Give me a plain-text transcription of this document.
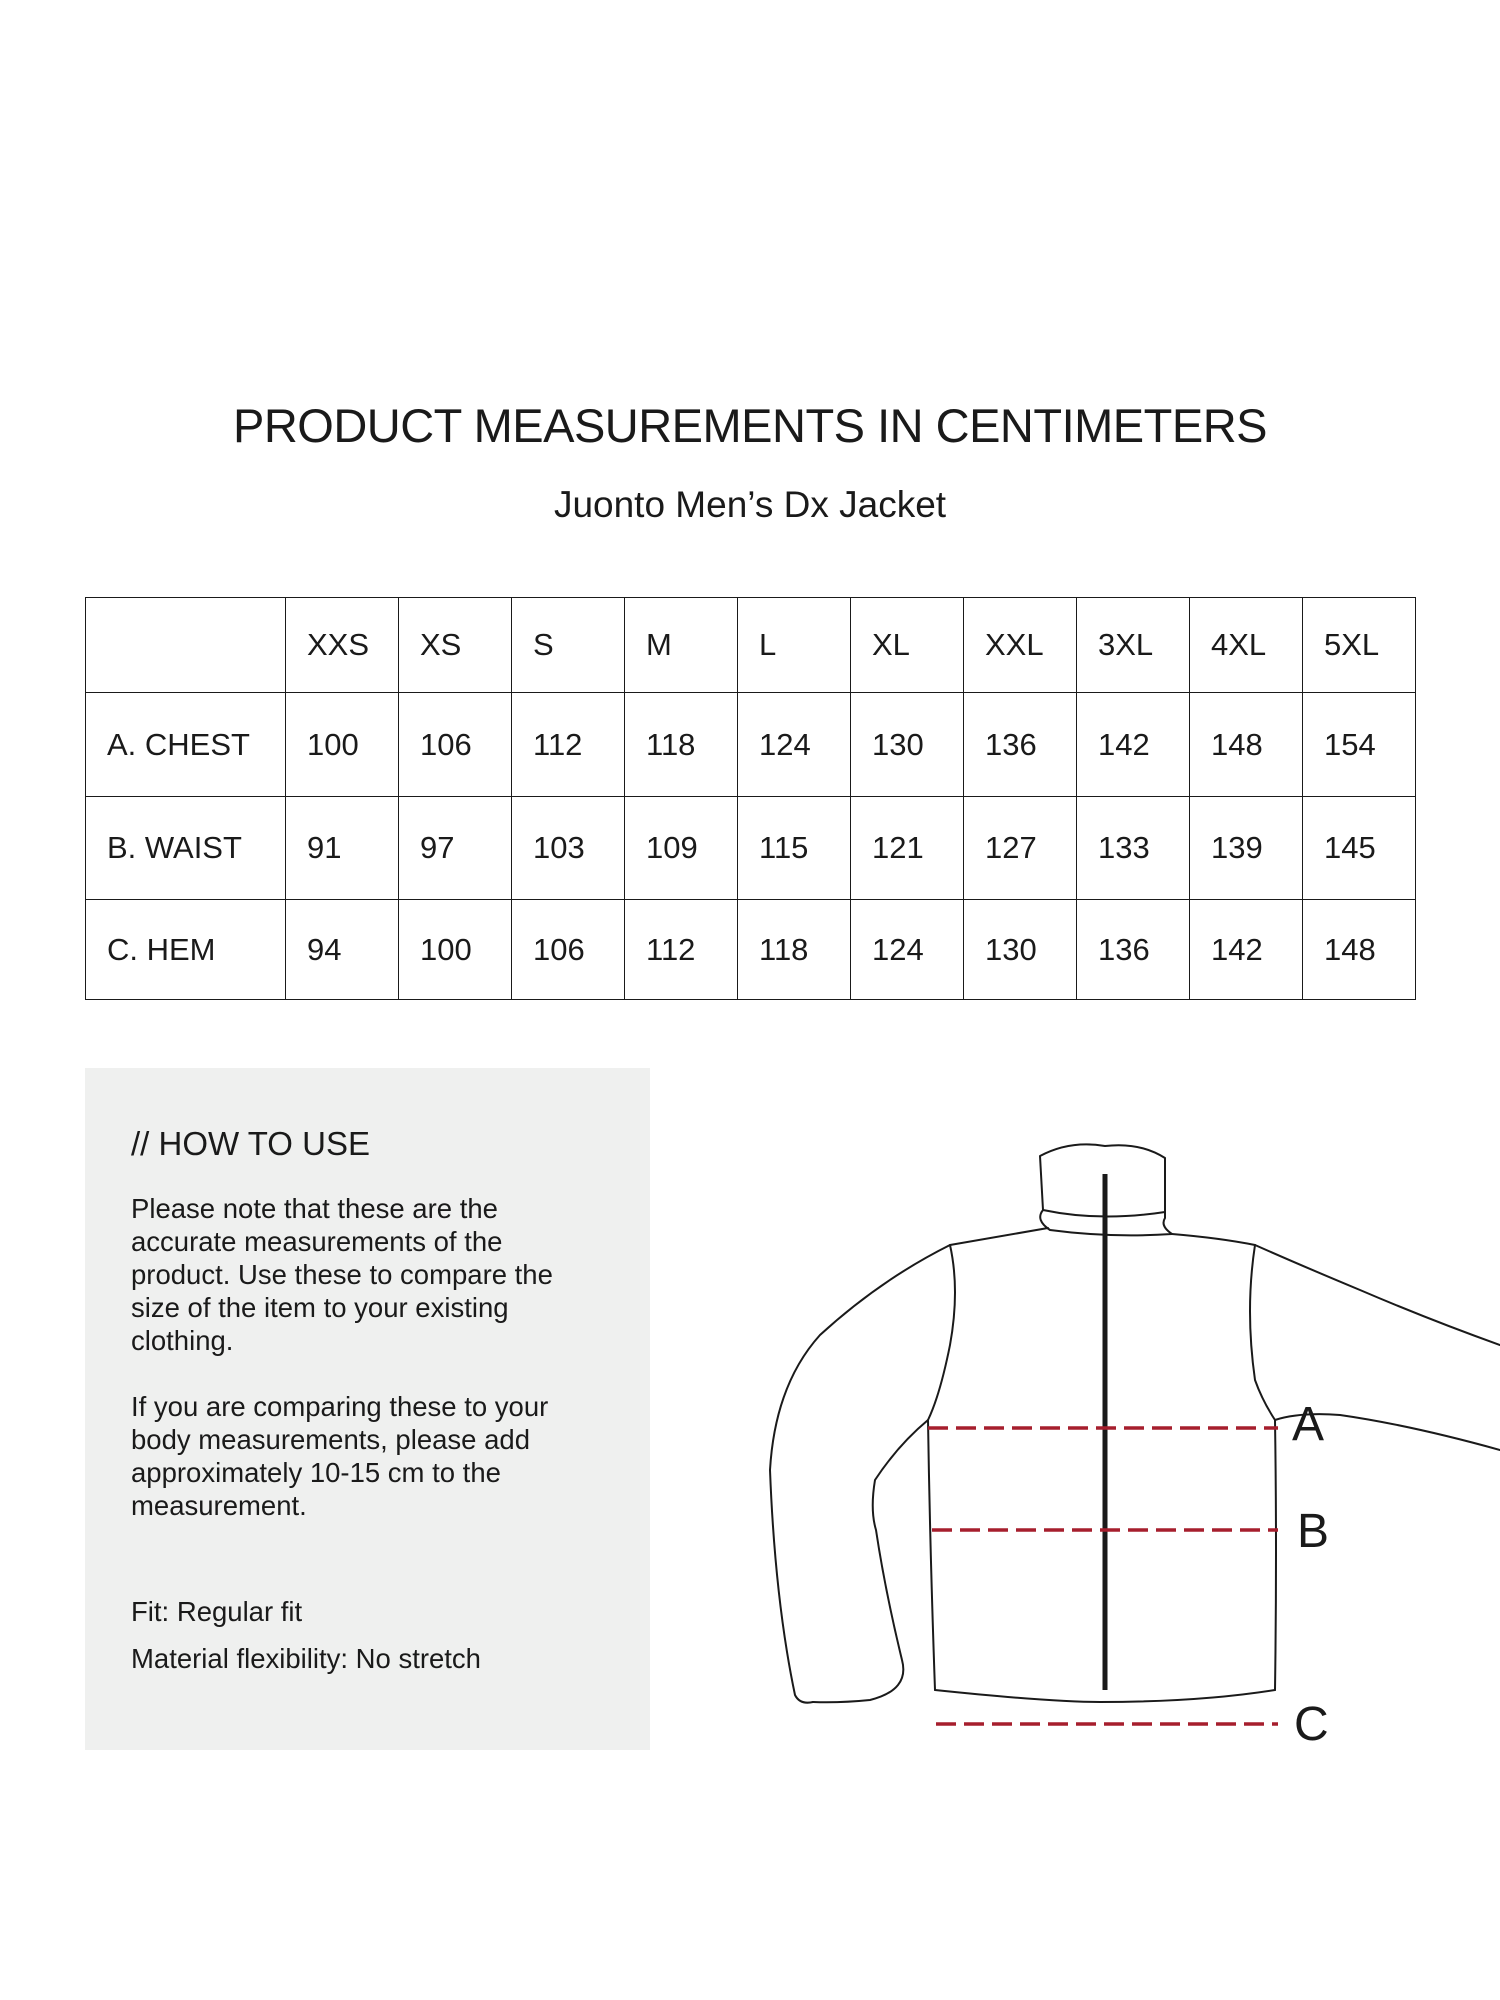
PRODUCT MEASUREMENTS IN CENTIMETERS
Juonto Men’s Dx Jacket
	XXS	XS	S	M	L	XL	XXL	3XL	4XL	5XL
A. CHEST	100	106	112	118	124	130	136	142	148	154
B. WAIST	91	97	103	109	115	121	127	133	139	145
C. HEM	94	100	106	112	118	124	130	136	142	148
// HOW TO USE

Please note that these are the accurate measurements of the product. Use these to compare the size of the item to your existing clothing.

If you are comparing these to your body measurements, please add approximately 10-15 cm to the measurement.

Fit: Regular fit

Material flexibility: No stretch

A
B
C
